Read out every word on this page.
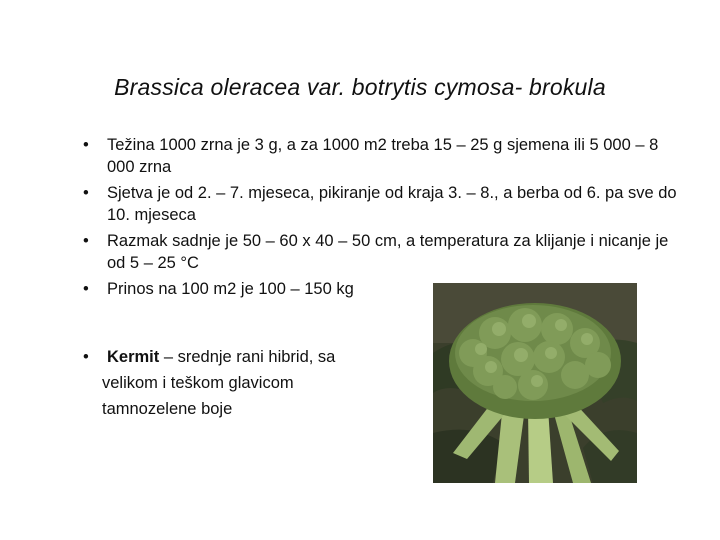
Brassica oleracea var. botrytis cymosa- brokula
• Težina 1000 zrna je 3 g, a za 1000 m2 treba 15 – 25 g sjemena ili 5 000 – 8 000 zrna
• Sjetva je od 2. – 7. mjeseca, pikiranje od kraja 3. – 8., a berba od 6. pa sve do 10. mjeseca
• Razmak sadnje je 50 – 60 x 40 – 50 cm, a temperatura za klijanje i nicanje je od 5 – 25 °C
• Prinos na 100 m2 je 100 – 150 kg
•	Kermit – srednje rani hibrid, sa
velikom i teškom glavicom
tamnozelene boje
